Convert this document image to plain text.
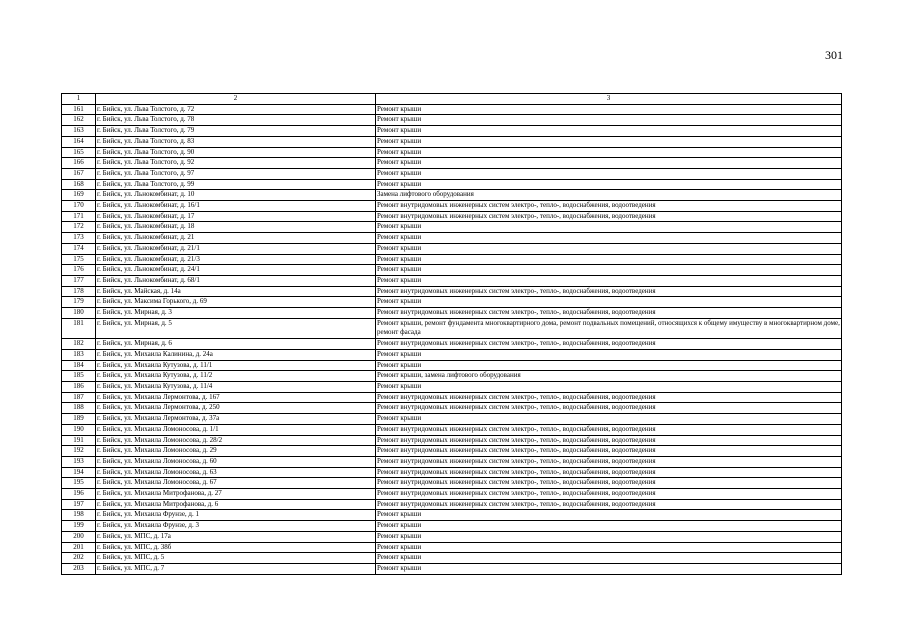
301
1	2	3
161	г. Бийск, ул. Льва Толстого, д. 72	Ремонт крыши
162	г. Бийск, ул. Льва Толстого, д. 78	Ремонт крыши
163	г. Бийск, ул. Льва Толстого, д. 79	Ремонт крыши
164	г. Бийск, ул. Льва Толстого, д. 83	Ремонт крыши
165	г. Бийск, ул. Льва Толстого, д. 90	Ремонт крыши
166	г. Бийск, ул. Льва Толстого, д. 92	Ремонт крыши
167	г. Бийск, ул. Льва Толстого, д. 97	Ремонт крыши
168	г. Бийск, ул. Льва Толстого, д. 99	Ремонт крыши
169	г. Бийск, ул. Льнокомбинат, д. 10	Замена лифтового оборудования
170	г. Бийск, ул. Льнокомбинат, д. 16/1	Ремонт внутридомовых инженерных систем электро-, тепло-, водоснабжения, водоотведения
171	г. Бийск, ул. Льнокомбинат, д. 17	Ремонт внутридомовых инженерных систем электро-, тепло-, водоснабжения, водоотведения
172	г. Бийск, ул. Льнокомбинат, д. 18	Ремонт крыши
173	г. Бийск, ул. Льнокомбинат, д. 21	Ремонт крыши
174	г. Бийск, ул. Льнокомбинат, д. 21/1	Ремонт крыши
175	г. Бийск, ул. Льнокомбинат, д. 21/3	Ремонт крыши
176	г. Бийск, ул. Льнокомбинат, д. 24/1	Ремонт крыши
177	г. Бийск, ул. Льнокомбинат, д. 68/1	Ремонт крыши
178	г. Бийск, ул. Майская, д. 14а	Ремонт внутридомовых инженерных систем электро-, тепло-, водоснабжения, водоотведения
179	г. Бийск, ул. Максима Горького, д. 69	Ремонт крыши
180	г. Бийск, ул. Мирная, д. 3	Ремонт внутридомовых инженерных систем электро-, тепло-, водоснабжения, водоотведения
181	г. Бийск, ул. Мирная, д. 5	Ремонт крыши, ремонт фундамента многоквартирного дома, ремонт подвальных помещений, относящихся к общему имуществу в многоквартирном доме, ремонт фасада
182	г. Бийск, ул. Мирная, д. 6	Ремонт внутридомовых инженерных систем электро-, тепло-, водоснабжения, водоотведения
183	г. Бийск, ул. Михаила Калинина, д. 24а	Ремонт крыши
184	г. Бийск, ул. Михаила Кутузова, д. 11/1	Ремонт крыши
185	г. Бийск, ул. Михаила Кутузова, д. 11/2	Ремонт крыши, замена лифтового оборудования
186	г. Бийск, ул. Михаила Кутузова, д. 11/4	Ремонт крыши
187	г. Бийск, ул. Михаила Лермонтова, д. 167	Ремонт внутридомовых инженерных систем электро-, тепло-, водоснабжения, водоотведения
188	г. Бийск, ул. Михаила Лермонтова, д. 250	Ремонт внутридомовых инженерных систем электро-, тепло-, водоснабжения, водоотведения
189	г. Бийск, ул. Михаила Лермонтова, д. 37а	Ремонт крыши
190	г. Бийск, ул. Михаила Ломоносова, д. 1/1	Ремонт внутридомовых инженерных систем электро-, тепло-, водоснабжения, водоотведения
191	г. Бийск, ул. Михаила Ломоносова, д. 28/2	Ремонт внутридомовых инженерных систем электро-, тепло-, водоснабжения, водоотведения
192	г. Бийск, ул. Михаила Ломоносова, д. 29	Ремонт внутридомовых инженерных систем электро-, тепло-, водоснабжения, водоотведения
193	г. Бийск, ул. Михаила Ломоносова, д. 60	Ремонт внутридомовых инженерных систем электро-, тепло-, водоснабжения, водоотведения
194	г. Бийск, ул. Михаила Ломоносова, д. 63	Ремонт внутридомовых инженерных систем электро-, тепло-, водоснабжения, водоотведения
195	г. Бийск, ул. Михаила Ломоносова, д. 67	Ремонт внутридомовых инженерных систем электро-, тепло-, водоснабжения, водоотведения
196	г. Бийск, ул. Михаила Митрофанова, д. 27	Ремонт внутридомовых инженерных систем электро-, тепло-, водоснабжения, водоотведения
197	г. Бийск, ул. Михаила Митрофанова, д. 6	Ремонт внутридомовых инженерных систем электро-, тепло-, водоснабжения, водоотведения
198	г. Бийск, ул. Михаила Фрунзе, д. 1	Ремонт крыши
199	г. Бийск, ул. Михаила Фрунзе, д. 3	Ремонт крыши
200	г. Бийск, ул. МПС, д. 17а	Ремонт крыши
201	г. Бийск, ул. МПС, д. 38б	Ремонт крыши
202	г. Бийск, ул. МПС, д. 5	Ремонт крыши
203	г. Бийск, ул. МПС, д. 7	Ремонт крыши
